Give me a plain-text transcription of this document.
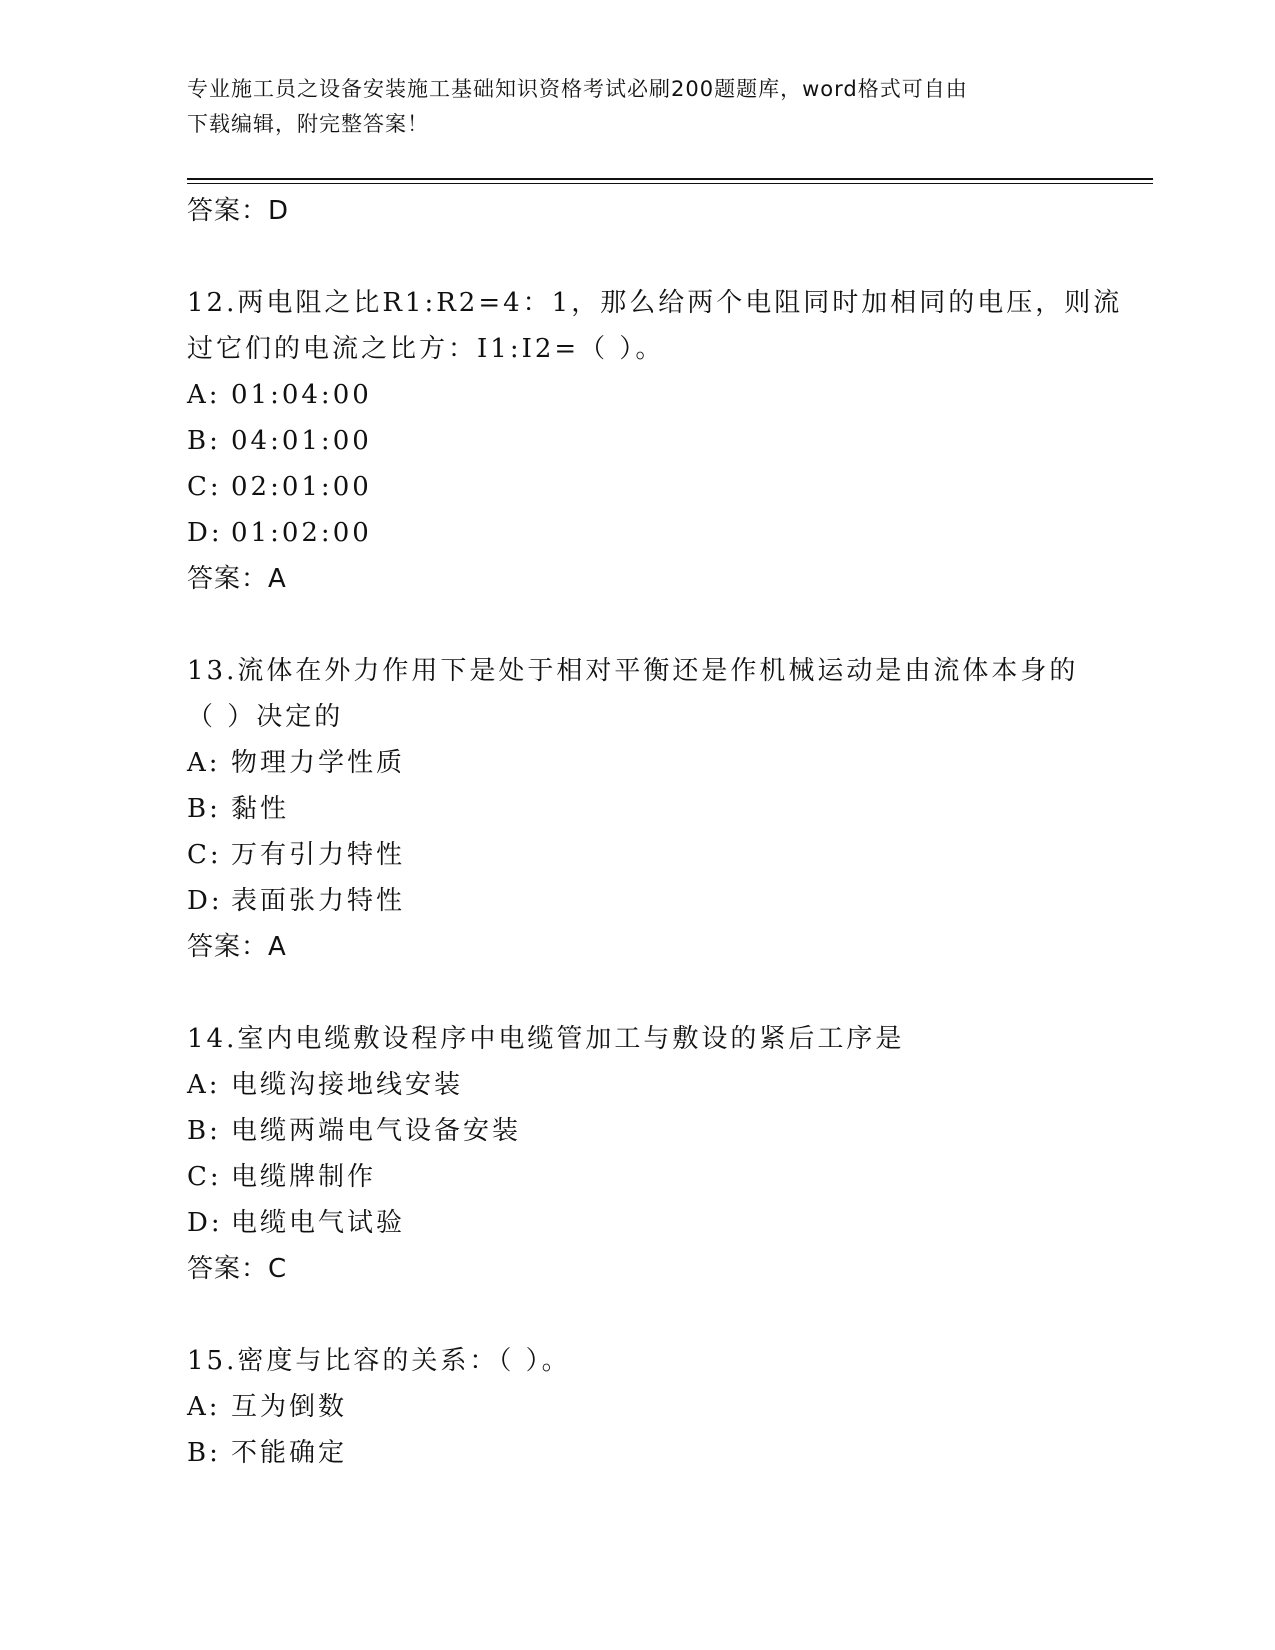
专业施工员之设备安装施工基础知识资格考试必刷200题题库，word格式可自由
下载编辑，附完整答案！
答案：D
12.两电阻之比R1:R2=4：1，那么给两个电阻同时加相同的电压，则流
过它们的电流之比方：I1:I2=（ ）。
A: 01:04:00
B: 04:01:00
C: 02:01:00
D: 01:02:00
答案：A
13.流体在外力作用下是处于相对平衡还是作机械运动是由流体本身的
（ ）决定的
A: 物理力学性质
B: 黏性
C: 万有引力特性
D: 表面张力特性
答案：A
14.室内电缆敷设程序中电缆管加工与敷设的紧后工序是
A: 电缆沟接地线安装
B: 电缆两端电气设备安装
C: 电缆牌制作
D: 电缆电气试验
答案：C
15.密度与比容的关系：（ ）。
A: 互为倒数
B: 不能确定
